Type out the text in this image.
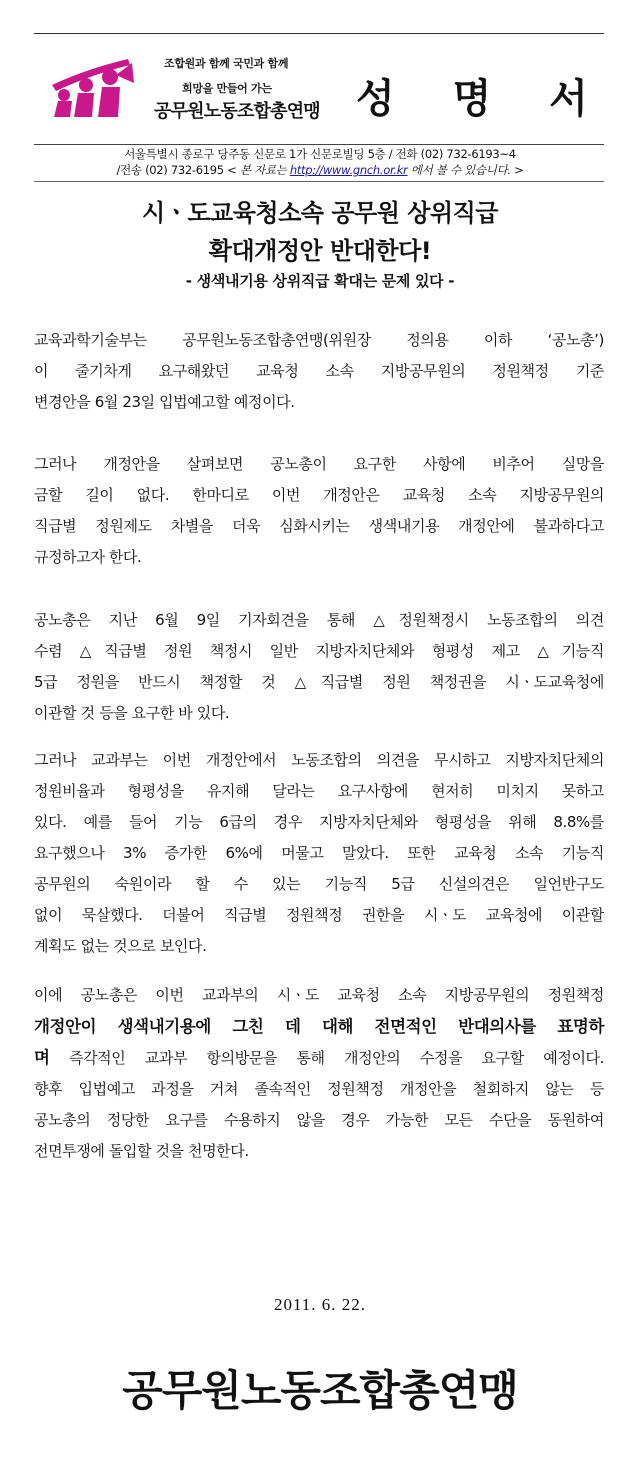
조합원과 함께 국민과 함께
희망을 만들어 가는
공무원노동조합총연맹 성 명 서
서울특별시 종로구 당주동 신문로 1가 신문로빌딩 5층 / 전화 (02) 732-6193~4
/전송 (02) 732-6195 < 본 자료는 http://www.gnch.or.kr 에서 볼 수 있습니다. >
시ㆍ도교육청소속 공무원 상위직급
확대개정안 반대한다!
- 생색내기용 상위직급 확대는 문제 있다 -
교육과학기술부는 공무원노동조합총연맹(위원장 정의용 이하 ‘공노총’)
이 줄기차게 요구해왔던 교육청 소속 지방공무원의 정원책정 기준
변경안을 6월 23일 입법예고할 예정이다.
그러나 개정안을 살펴보면 공노총이 요구한 사항에 비추어 실망을
금할 길이 없다. 한마디로 이번 개정안은 교육청 소속 지방공무원의
직급별 정원제도 차별을 더욱 심화시키는 생색내기용 개정안에 불과하다고
규정하고자 한다.
공노총은 지난 6월 9일 기자회견을 통해 △정원책정시 노동조합의 의견
수렴 △직급별 정원 책정시 일반 지방자치단체와 형평성 제고 △기능직
5급 정원을 반드시 책정할 것 △직급별 정원 책정권을 시ㆍ도교육청에
이관할 것 등을 요구한 바 있다.
그러나 교과부는 이번 개정안에서 노동조합의 의견을 무시하고 지방자치단체의
정원비율과 형평성을 유지해 달라는 요구사항에 현저히 미치지 못하고
있다. 예를 들어 기능 6급의 경우 지방자치단체와 형평성을 위해 8.8%를
요구했으나 3% 증가한 6%에 머물고 말았다. 또한 교육청 소속 기능직
공무원의 숙원이라 할 수 있는 기능직 5급 신설의견은 일언반구도
없이 묵살했다. 더불어 직급별 정원책정 권한을 시ㆍ도 교육청에 이관할
계획도 없는 것으로 보인다.
이에 공노총은 이번 교과부의 시ㆍ도 교육청 소속 지방공무원의 정원책정
개정안이 생색내기용에 그친 데 대해 전면적인 반대의사를 표명하
며 즉각적인 교과부 항의방문을 통해 개정안의 수정을 요구할 예정이다.
향후 입법예고 과정을 거쳐 졸속적인 정원책정 개정안을 철회하지 않는 등
공노총의 정당한 요구를 수용하지 않을 경우 가능한 모든 수단을 동원하여
전면투쟁에 돌입할 것을 천명한다.
2011. 6. 22.
공무원노동조합총연맹
